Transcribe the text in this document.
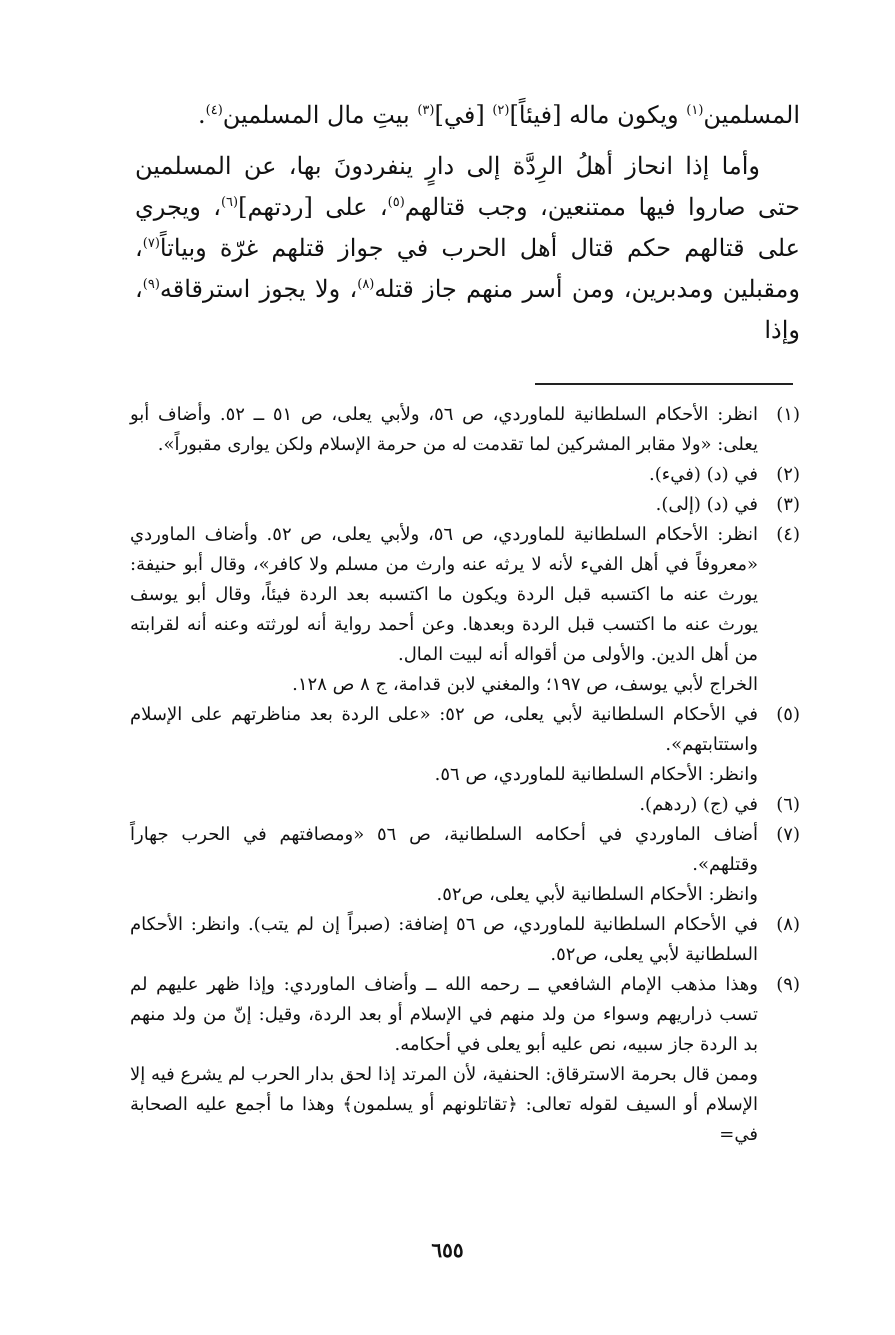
المسلمين$^{(١)}$ ويكون ماله [فيئاً]$^{(٢)}$ [في]$^{(٣)}$ بيتِ مال المسلمين$^{(٤)}$.

وأما إذا انحاز أهلُ الرِدَّة إلى دارٍ ينفردونَ بها، عن المسلمين حتى صاروا فيها ممتنعين، وجب قتالهم$^{(٥)}$، على [ردتهم]$^{(٦)}$، ويجري على قتالهم حكم قتال أهل الحرب في جواز قتلهم غرّة وبياتاً$^{(٧)}$، ومقبلين ومدبرين، ومن أسر منهم جاز قتله$^{(٨)}$، ولا يجوز استرقاقه$^{(٩)}$، وإذا

(١)

انظر: الأحكام السلطانية للماوردي، ص ٥٦، ولأبي يعلى، ص ٥١ ــ ٥٢. وأضاف أبو يعلى: «ولا مقابر المشركين لما تقدمت له من حرمة الإسلام ولكن يوارى مقبوراً».

(٢)

في (د) (فيء).

(٣)

في (د) (إلى).

(٤)

انظر: الأحكام السلطانية للماوردي، ص ٥٦، ولأبي يعلى، ص ٥٢. وأضاف الماوردي «معروفاً في أهل الفيء لأنه لا يرثه عنه وارث من مسلم ولا كافر»، وقال أبو حنيفة: يورث عنه ما اكتسبه قبل الردة ويكون ما اكتسبه بعد الردة فيئاً، وقال أبو يوسف يورث عنه ما اكتسب قبل الردة وبعدها. وعن أحمد رواية أنه لورثته وعنه أنه لقرابته من أهل الدين. والأولى من أقواله أنه لبيت المال.

الخراج لأبي يوسف، ص ١٩٧؛ والمغني لابن قدامة، ج ٨ ص ١٢٨.

(٥)

في الأحكام السلطانية لأبي يعلى، ص ٥٢: «على الردة بعد مناظرتهم على الإسلام واستتابتهم».

وانظر: الأحكام السلطانية للماوردي، ص ٥٦.

(٦)

في (ج) (ردهم).

(٧)

أضاف الماوردي في أحكامه السلطانية، ص ٥٦ «ومصافتهم في الحرب جهاراً وقتلهم».

وانظر: الأحكام السلطانية لأبي يعلى، ص٥٢.

(٨)

في الأحكام السلطانية للماوردي، ص ٥٦ إضافة: (صبراً إن لم يتب). وانظر: الأحكام السلطانية لأبي يعلى، ص٥٢.

(٩)

وهذا مذهب الإمام الشافعي ــ رحمه الله ــ وأضاف الماوردي: وإذا ظهر عليهم لم تسب ذراريهم وسواء من ولد منهم في الإسلام أو بعد الردة، وقيل: إنّ من ولد منهم بد الردة جاز سبيه، نص عليه أبو يعلى في أحكامه.

وممن قال بحرمة الاسترقاق: الحنفية، لأن المرتد إذا لحق بدار الحرب لم يشرع فيه إلا الإسلام أو السيف لقوله تعالى: ﴿تقاتلونهم أو يسلمون﴾ وهذا ما أجمع عليه الصحابة في=

٦٥٥
